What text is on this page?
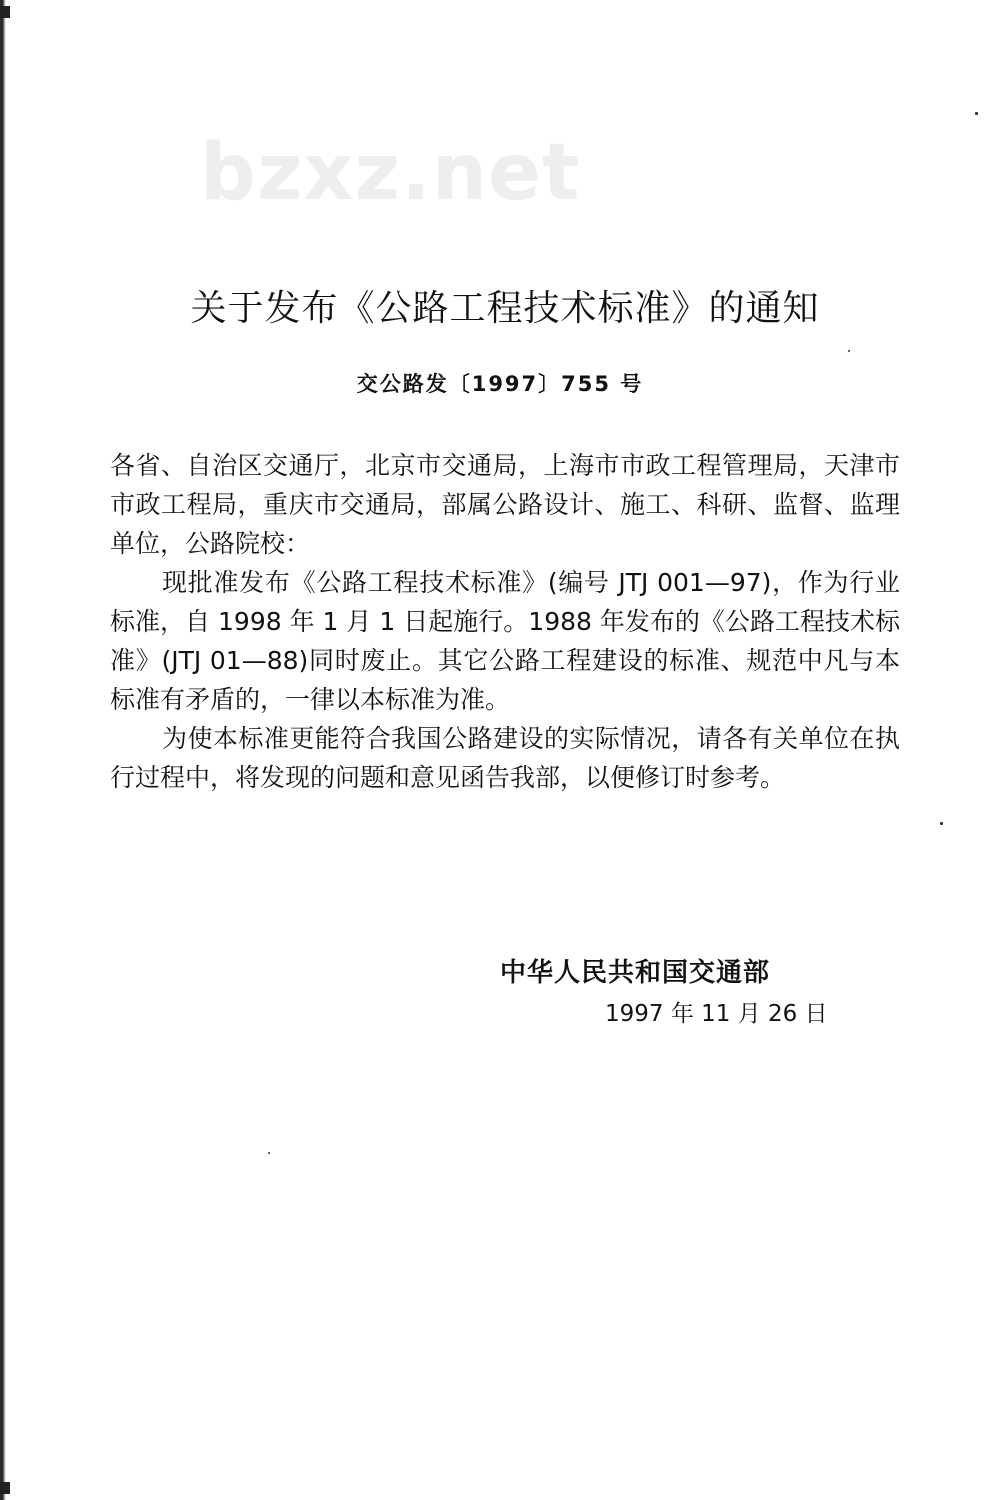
bzxz.net
关于发布《公路工程技术标准》的通知
交公路发〔1997〕755 号

各省、自治区交通厅，北京市交通局，上海市市政工程管理局，天津市市政工程局，重庆市交通局，部属公路设计、施工、科研、监督、监理单位，公路院校：

现批准发布《公路工程技术标准》(编号 JTJ 001—97)，作为行业标准，自 1998 年 1 月 1 日起施行。1988 年发布的《公路工程技术标准》(JTJ 01—88)同时废止。其它公路工程建设的标准、规范中凡与本标准有矛盾的，一律以本标准为准。

为使本标准更能符合我国公路建设的实际情况，请各有关单位在执行过程中，将发现的问题和意见函告我部，以便修订时参考。

中华人民共和国交通部
1997 年 11 月 26 日
